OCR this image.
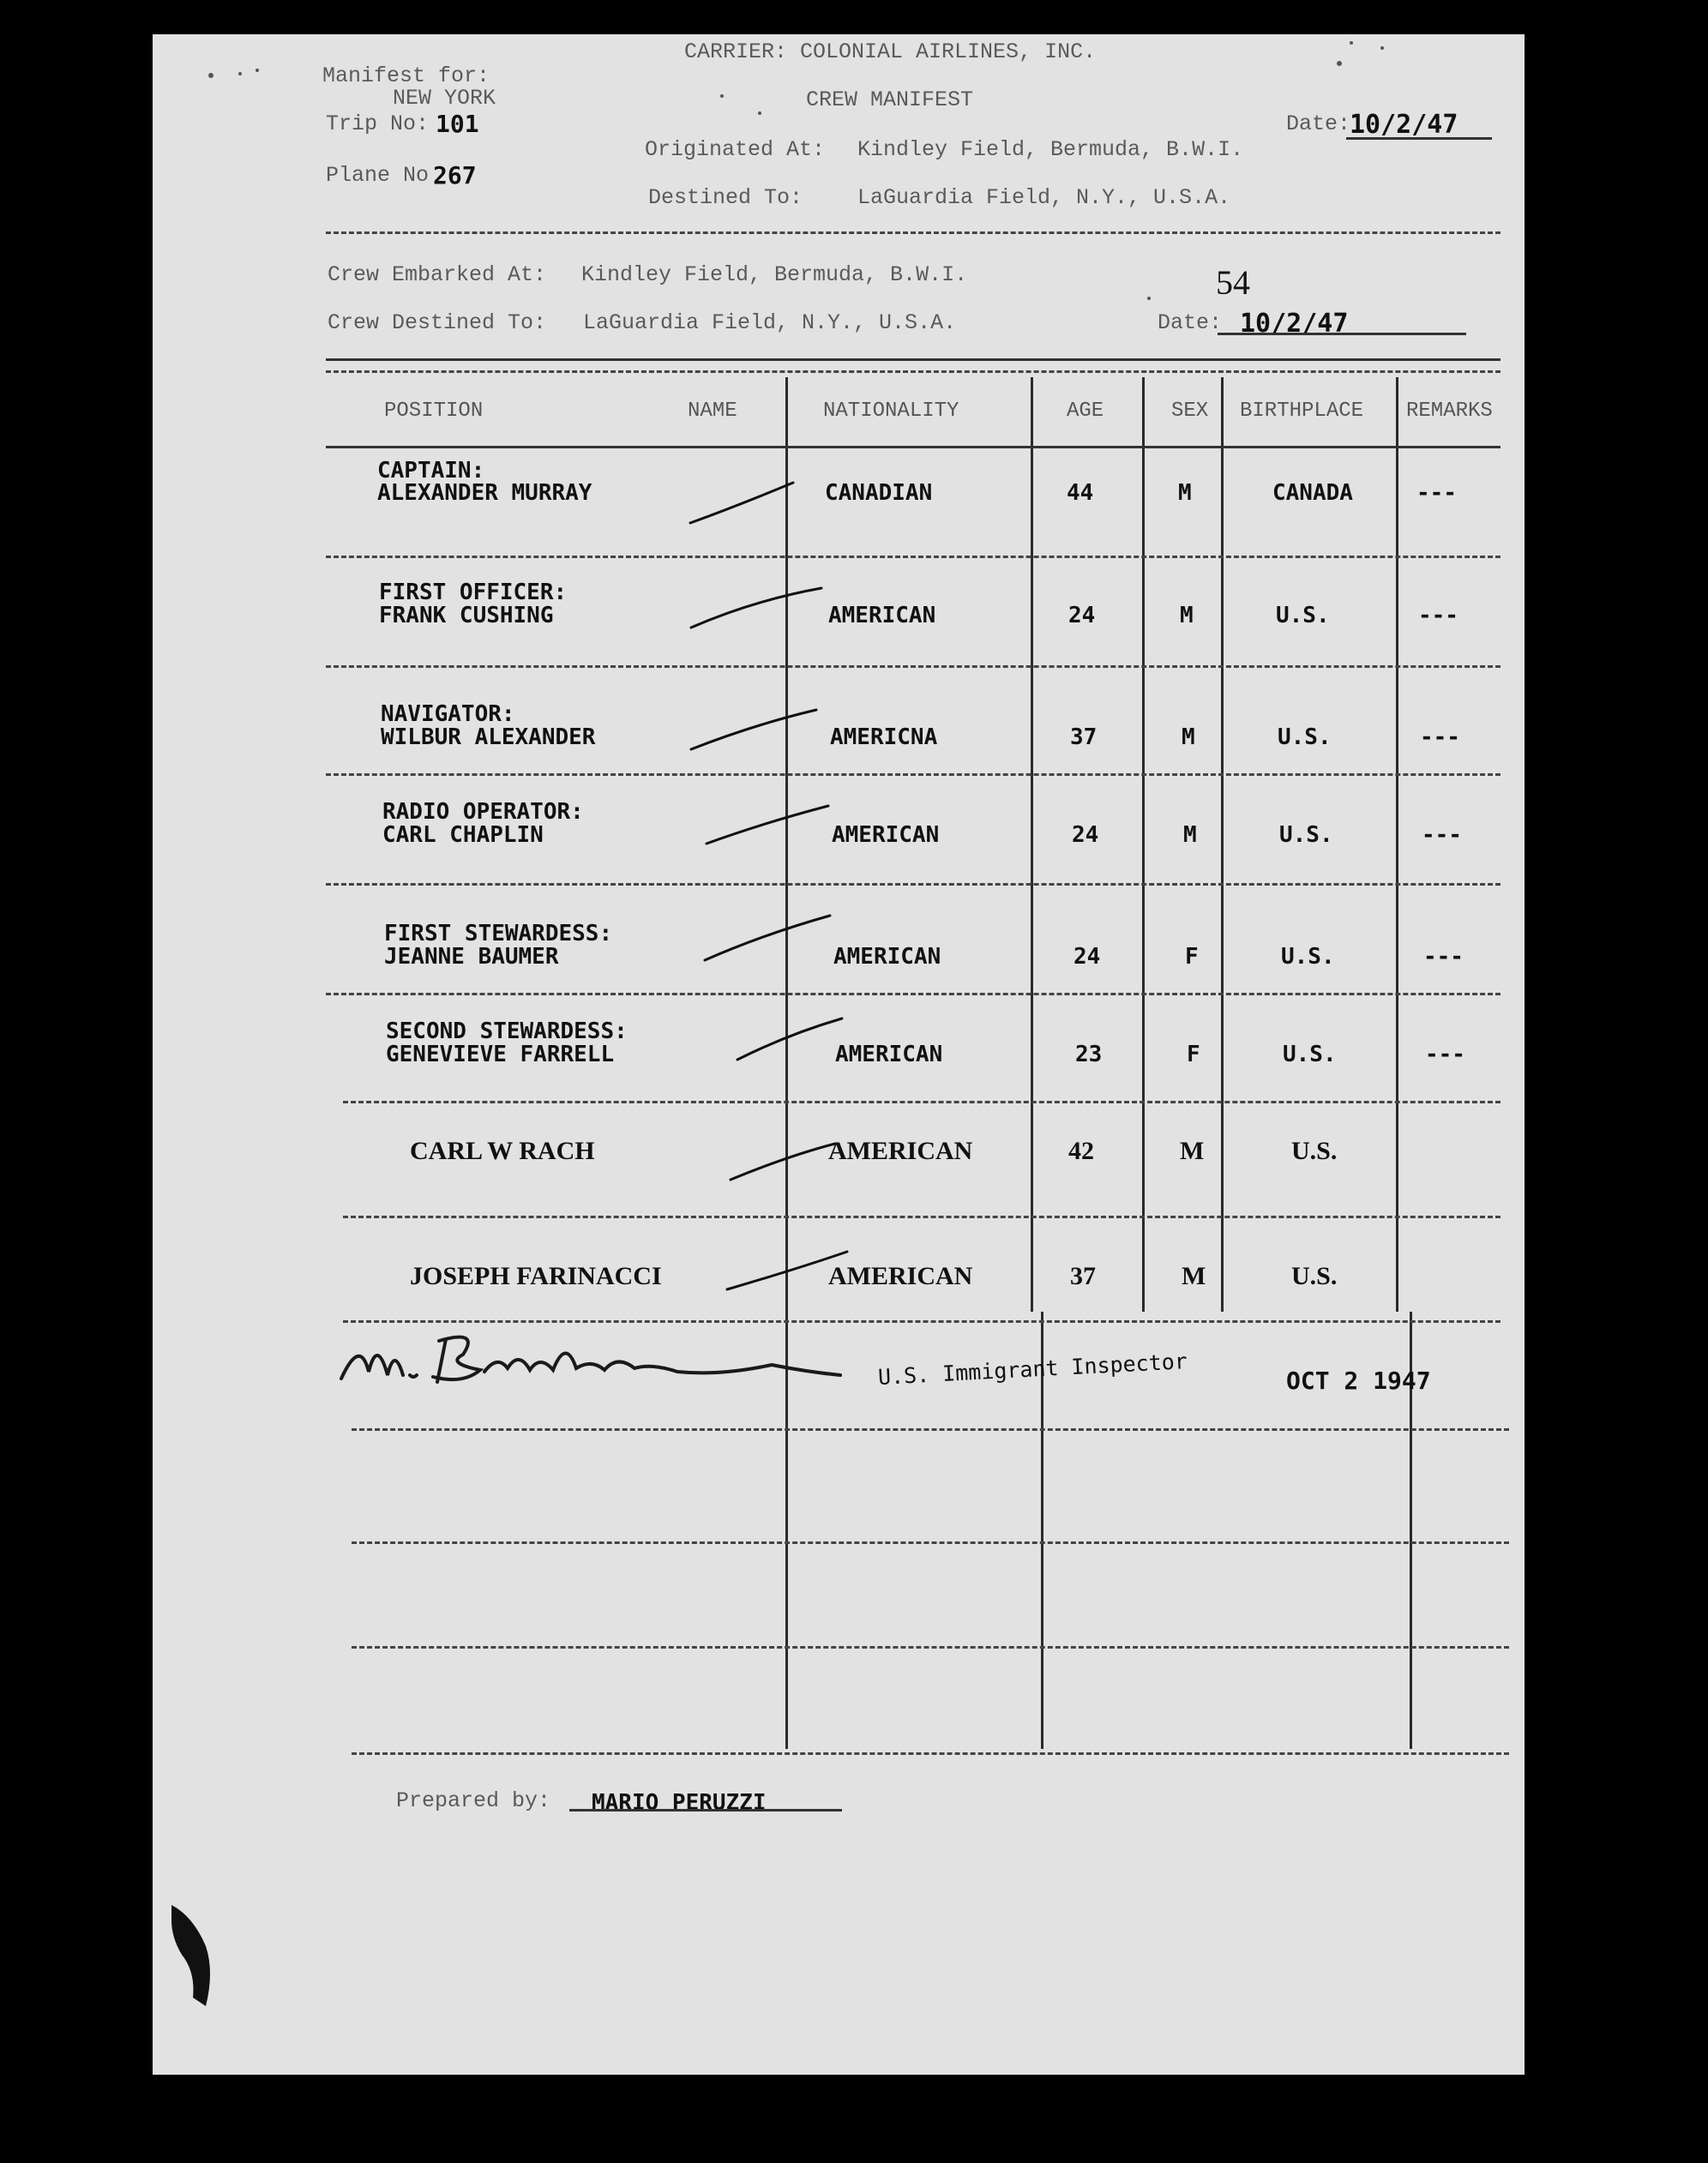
Manifest for:
NEW YORK
Trip No: 101
Plane No 267
CARRIER: COLONIAL AIRLINES, INC.
CREW MANIFEST
Originated At: Kindley Field, Bermuda, B.W.I.
Destined To:	LaGuardia Field, N.Y., U.S.A.
Date:
10/2/47
Crew Embarked At: Kindley Field, Bermuda, B.W.I.
Crew Destined To: LaGuardia Field, N.Y., U.S.A.
54
Date: 10/2/47
POSITION	NAME	NATIONALITY	AGE	SEX BIRTHPLACE REMARKS
CAPTAIN:
ALEXANDER MURRAY	CANADIAN	44	M	CANADA	---
FIRST OFFICER:
FRANK CUSHING	AMERICAN	24	M	U.S.	---
NAVIGATOR:
WILBUR ALEXANDER	AMERICNA	37	M	U.S.	---
RADIO OPERATOR:
CARL CHAPLIN	AMERICAN	24	M	U.S.	---
FIRST STEWARDESS:
JEANNE BAUMER	AMERICAN	24	F	U.S.	---
SECOND STEWARDESS:
GENEVIEVE FARRELL	AMERICAN	23	F	U.S.	---
CARL W RACH	AMERICAN	42	M	U.S.
JOSEPH FARINACCI	AMERICAN	37	M	U.S.
U.S. Immigrant Inspector	OCT 2 1947
Prepared by: MARIO PERUZZI
